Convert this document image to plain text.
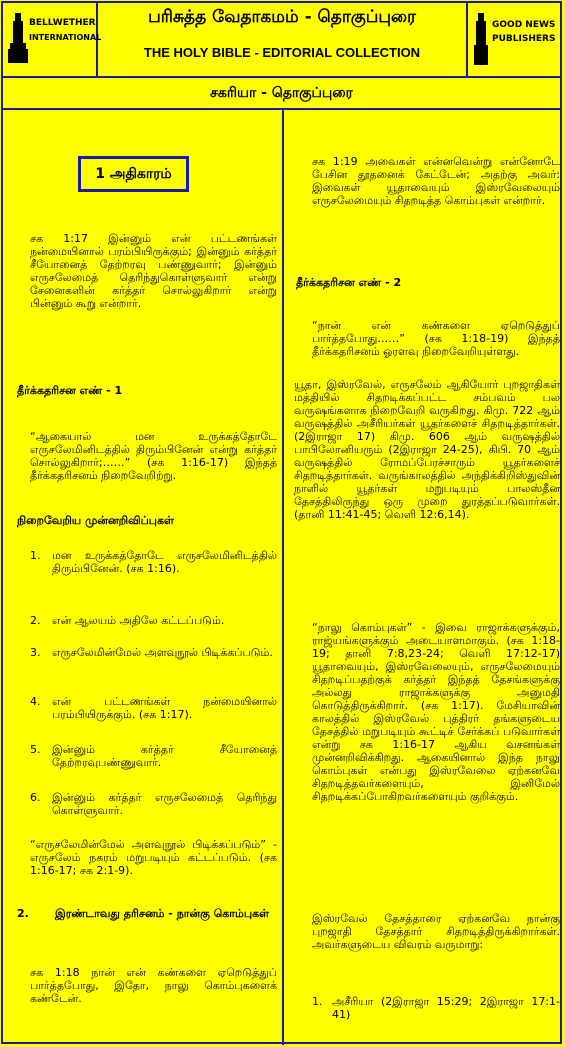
BELLWETHER
INTERNATIONAL
பரிசுத்த வேதாகமம் - தொகுப்புரை
THE HOLY BIBLE - EDITORIAL COLLECTION
GOOD NEWS
PUBLISHERS
சகரியா - தொகுப்புரை
1 அதிகாரம்
சக 1:17 இன்னும் என் பட்டணங்கள் நன்மையினால் பரம்பியிருக்கும்; இன்னும் கர்த்தர் சீயோனைத் தேற்றரவு பண்ணுவார்; இன்னும் எருசலேமைத் தெரிந்துகொள்ளுவார் என்று சேனைகளின் கர்த்தர் சொல்லுகிறார் என்று பின்னும் கூறு என்றார்.
தீர்க்கதரிசன எண் - 1
“ஆகையால் மன உருக்கத்தோடே எருசலேமினிடத்தில் திரும்பினேன் என்று கர்த்தர் சொல்லுகிறார்;……” (சக 1:16-17) இந்தத் தீர்க்கதரிசனம் நிறைவேறிற்று.
நிறைவேறிய முன்னறிவிப்புகள்
1.	மன உருக்கத்தோடே எருசலேமினிடத்தில் திரும்பினேன். (சக 1:16).
2.	என் ஆலயம் அதிலே கட்டப்படும்.
3.	எருசலேமின்மேல் அளவுநூல் பிடிக்கப்படும்.
4.	என் பட்டணங்கள் நன்மையினால் பரம்பியிருக்கும். (சக 1:17).
5.	இன்னும் கர்த்தர் சீயோனைத் தேற்றரவுபண்ணுவார்.
6.	இன்னும் கர்த்தர் எருசலேமைத் தெரிந்து கொள்ளுவார்.
“எருசலேமின்மேல் அளவுநூல் பிடிக்கப்படும்” - எருசலேம் நகரம் மறுபடியும் கட்டப்படும். (சக 1:16-17; சக 2:1-9).
2.	இரண்டாவது தரிசனம் - நான்கு கொம்புகள்
சக 1:18 நான் என் கண்களை ஏறெடுத்துப் பார்த்தபோது, இதோ, நாலு கொம்புகளைக் கண்டேன்.
சக 1:19 அவைகள் என்னவென்று என்னோடே பேசின தூதனைக் கேட்டேன்; அதற்கு அவர்: இவைகள் யூதாவையும் இஸ்ரவேலையும் எருசலேமையும் சிதறடித்த கொம்புகள் என்றார்.
தீர்க்கதரிசன எண் - 2
“நான் என் கண்களை ஏறெடுத்துப் பார்த்தபோது……” (சக 1:18-19) இந்தத் தீர்க்கதரிசனம் ஓரளவு நிறைவேறியுள்ளது.
யூதா, இஸ்ரவேல், எருசலேம் ஆகியோர் புறஜாதிகள் மத்தியில் சிதறடிக்கப்பட்ட சம்பவம் பல வருஷங்களாக நிறைவேறி வருகிறது. கிமு. 722 ஆம் வருஷத்தில் அசீரியர்கள் யூதர்களைச் சிதறடித்தார்கள். (2இராஜா 17) கிமு. 606 ஆம் வருஷத்தில் பாபிலோனியரும் (2இராஜா 24-25), கிபி. 70 ஆம் வருஷத்தில் ரோமப்பேரச்சாரும் யூதர்களைச் சிதறடித்தார்கள். வருங்காலத்தில் அந்திக்கிறிஸ்துவின் நாளில் யூதர்கள் மறுபடியும் பாலஸ்தீன தேசத்திலிருந்து ஒரு முறை துரத்தப்படுவார்கள். (தானி 11:41-45; வெளி 12:6,14).
“நாலு கொம்புகள்” - இவை ராஜாக்களுக்கும், ராஜ்யங்களுக்கும் அடையாளமாகும். (சக 1:18-19; தானி 7:8,23-24; வெளி 17:12-17) யூதாவையும், இஸ்ரவேலையும், எருசலேமையும் சிதறடிப்பதற்குக் கர்த்தர் இந்தத் தேசங்களுக்கு அல்லது ராஜாக்களுக்கு அனுமதி கொடுத்திருக்கிறார். (சக 1:17). மேசியாவின் காலத்தில் இஸ்ரவேல் புத்திரர் தங்களுடைய தேசத்தில் மறுபடியும் கூட்டிச் சேர்க்கப் படுவார்கள் என்று சக 1:16-17 ஆகிய வசனங்கள் முன்னறிவிக்கிறது. ஆகையினால் இந்த நாலு கொம்புகள் என்பது இஸ்ரவேலை ஏற்கனவே சிதறடித்தவர்களையும், இனிமேல் சிதறடிக்கப்போகிறவர்களையும் குறிக்கும்.
இஸ்ரவேல் தேசத்தாரை ஏற்கனவே நான்கு புறஜாதி தேசத்தார் சிதறடித்திருக்கிறார்கள். அவர்களுடைய விவரம் வருமாறு:
1. அசீரியா (2இராஜா 15:29; 2இராஜா 17:1-41)
